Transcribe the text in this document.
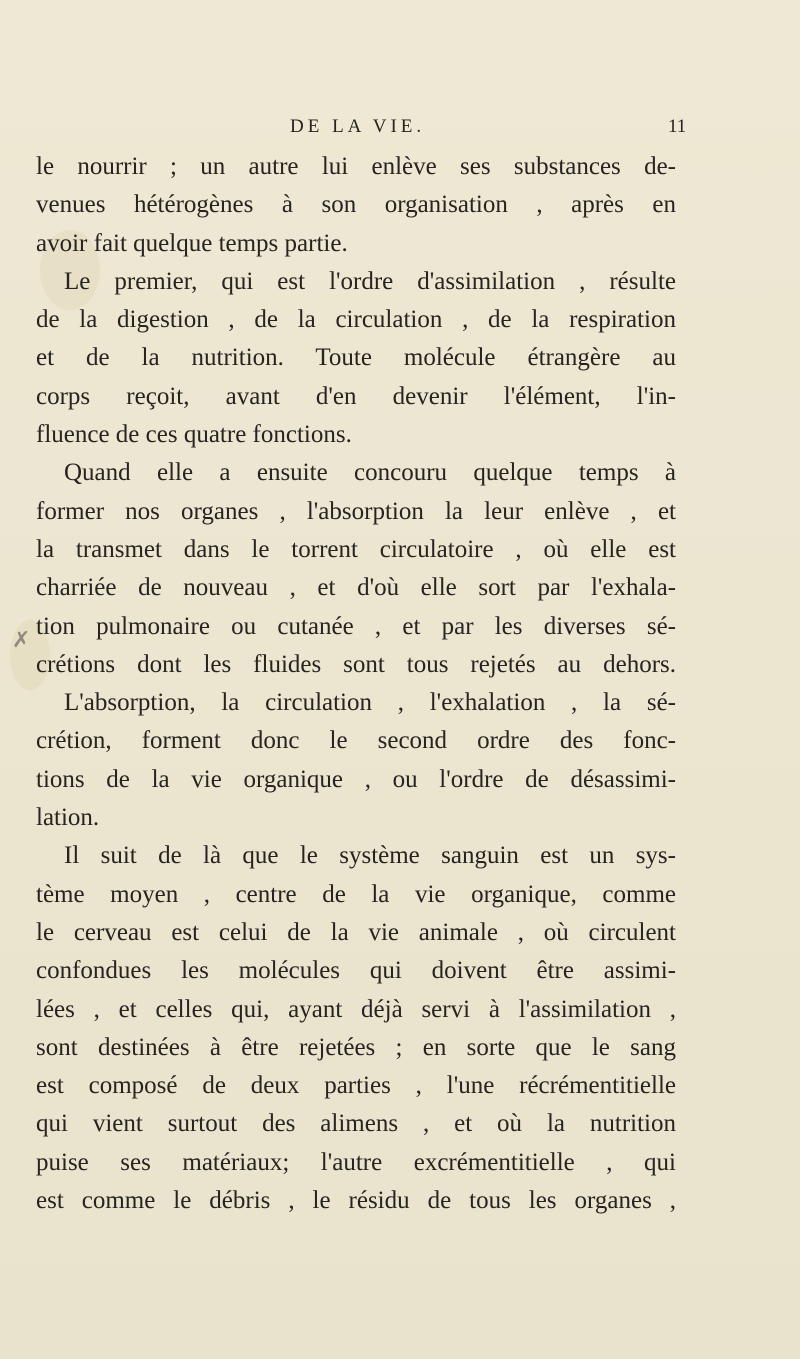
DE LA VIE.	11
✗
le nourrir ; un autre lui enlève ses substances de-
venues hétérogènes à son organisation , après en
avoir fait quelque temps partie.
Le premier, qui est l'ordre d'assimilation , résulte
de la digestion , de la circulation , de la respiration
et de la nutrition. Toute molécule étrangère au
corps reçoit, avant d'en devenir l'élément, l'in-
fluence de ces quatre fonctions.
Quand elle a ensuite concouru quelque temps à
former nos organes , l'absorption la leur enlève , et
la transmet dans le torrent circulatoire , où elle est
charriée de nouveau , et d'où elle sort par l'exhala-
tion pulmonaire ou cutanée , et par les diverses sé-
crétions dont les fluides sont tous rejetés au dehors.
L'absorption, la circulation , l'exhalation , la sé-
crétion, forment donc le second ordre des fonc-
tions de la vie organique , ou l'ordre de désassimi-
lation.
Il suit de là que le système sanguin est un sys-
tème moyen , centre de la vie organique, comme
le cerveau est celui de la vie animale , où circulent
confondues les molécules qui doivent être assimi-
lées , et celles qui, ayant déjà servi à l'assimilation ,
sont destinées à être rejetées ; en sorte que le sang
est composé de deux parties , l'une récrémentitielle
qui vient surtout des alimens , et où la nutrition
puise ses matériaux; l'autre excrémentitielle , qui
est comme le débris , le résidu de tous les organes ,
